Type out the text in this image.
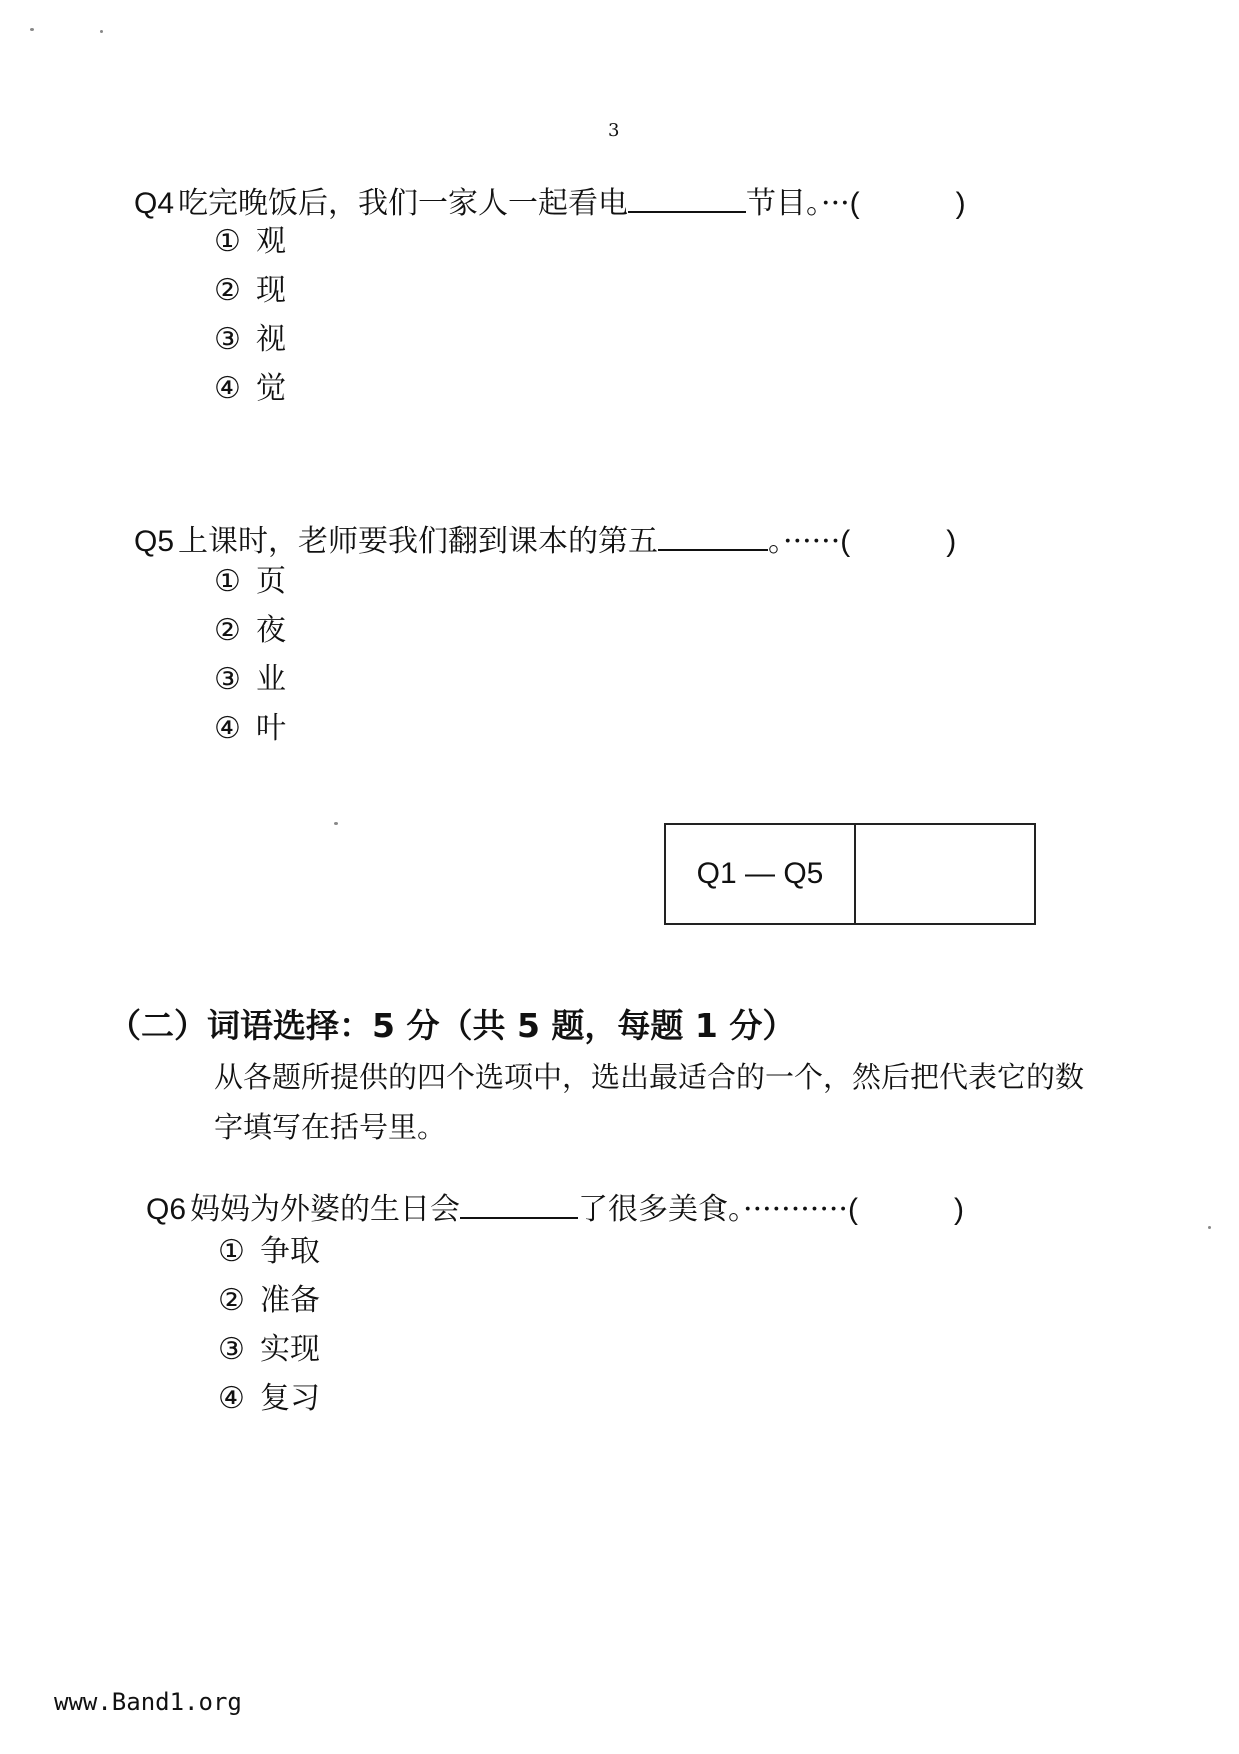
3
Q4 吃完晚饭后，我们一家人一起看电	节目。···(	)
① 观
② 现
③ 视
④ 觉
Q5 上课时，老师要我们翻到课本的第五	。······(	)
① 页
② 夜
③ 业
④ 叶
Q1 — Q5
（二）词语选择：5 分（共 5 题，每题 1 分）
从各题所提供的四个选项中，选出最适合的一个，然后把代表它的数字填写在括号里。
Q6 妈妈为外婆的生日会	了很多美食。···········(	)
① 争取
② 准备
③ 实现
④ 复习
www.Band1.org
